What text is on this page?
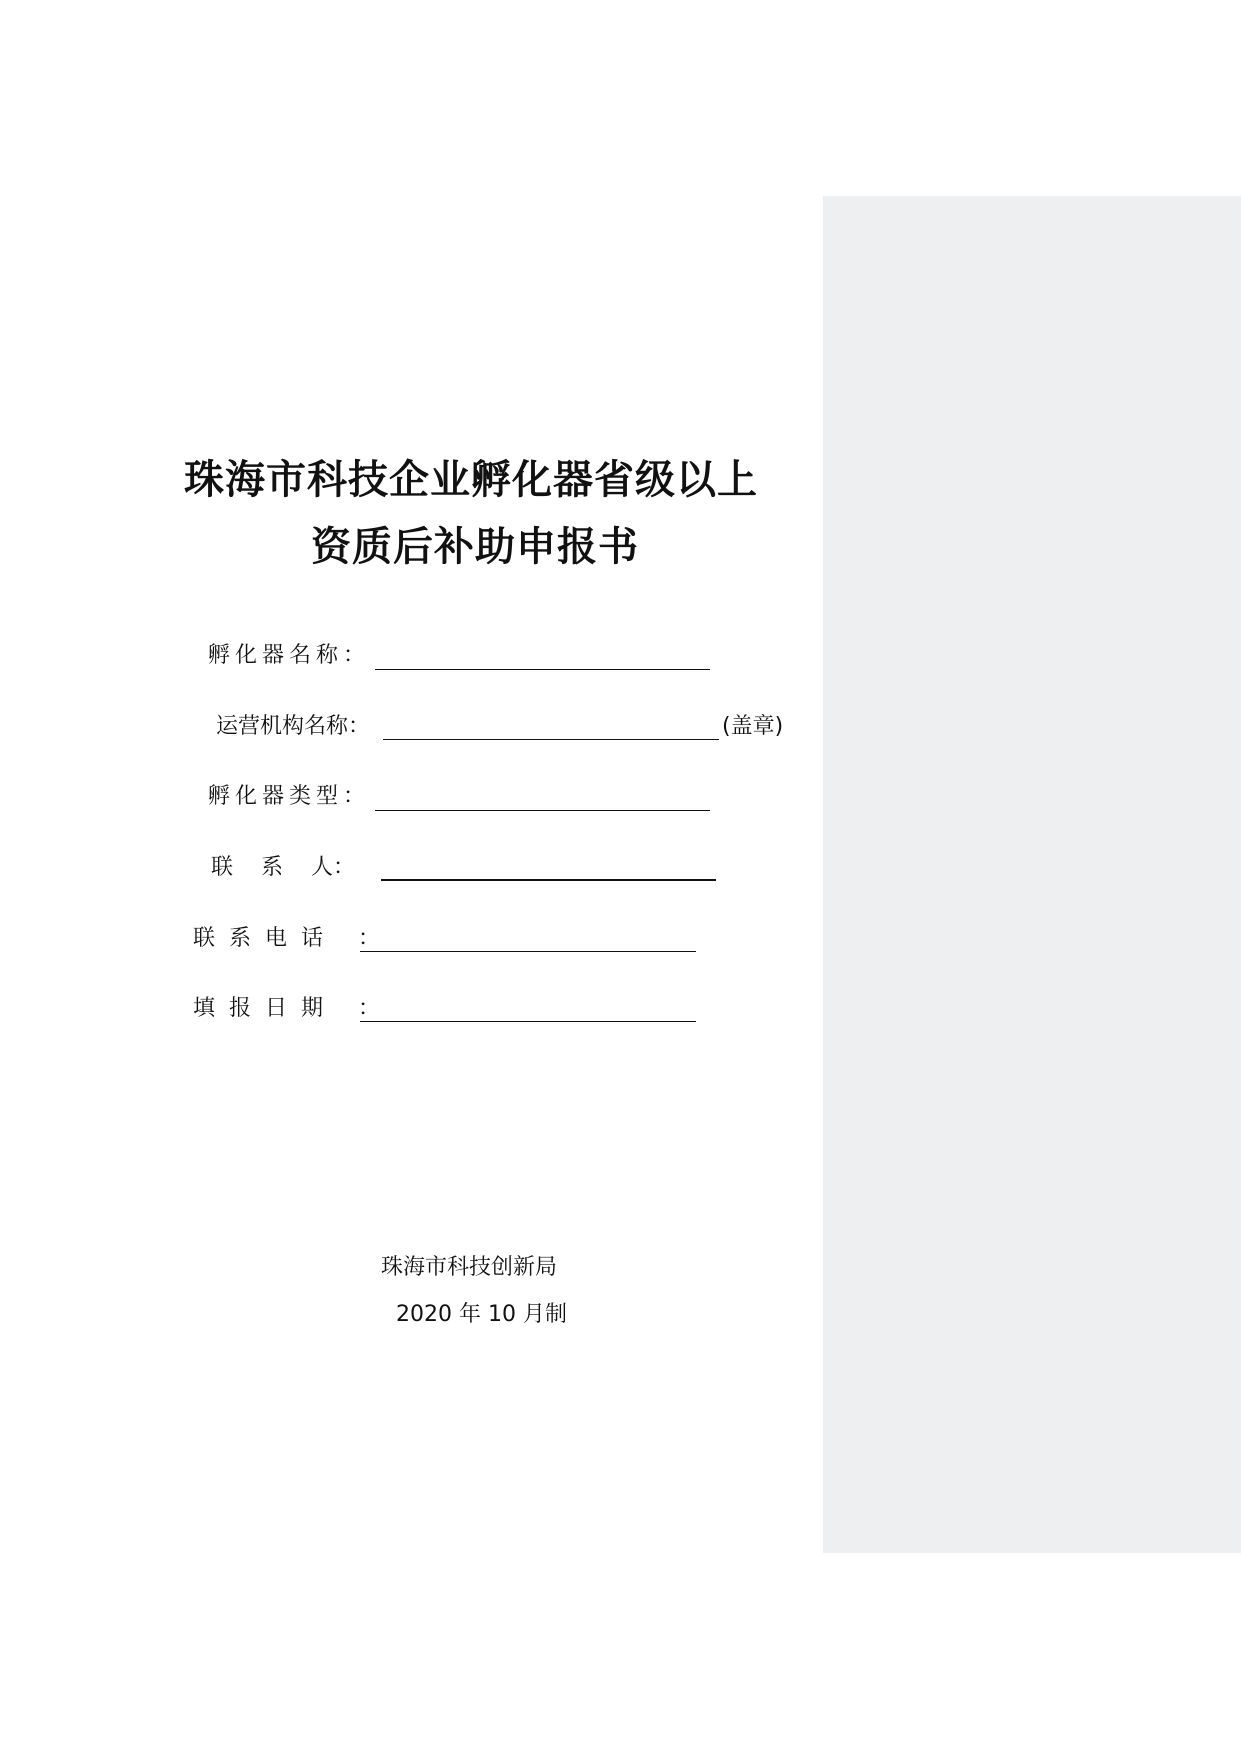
珠海市科技企业孵化器省级以上
资质后补助申报书
孵化器名称：
运营机构名称：	(盖章)
孵化器类型：
联    系    人：
联系电话 ：
填报日期 ：
珠海市科技创新局
2020 年 10 月制
